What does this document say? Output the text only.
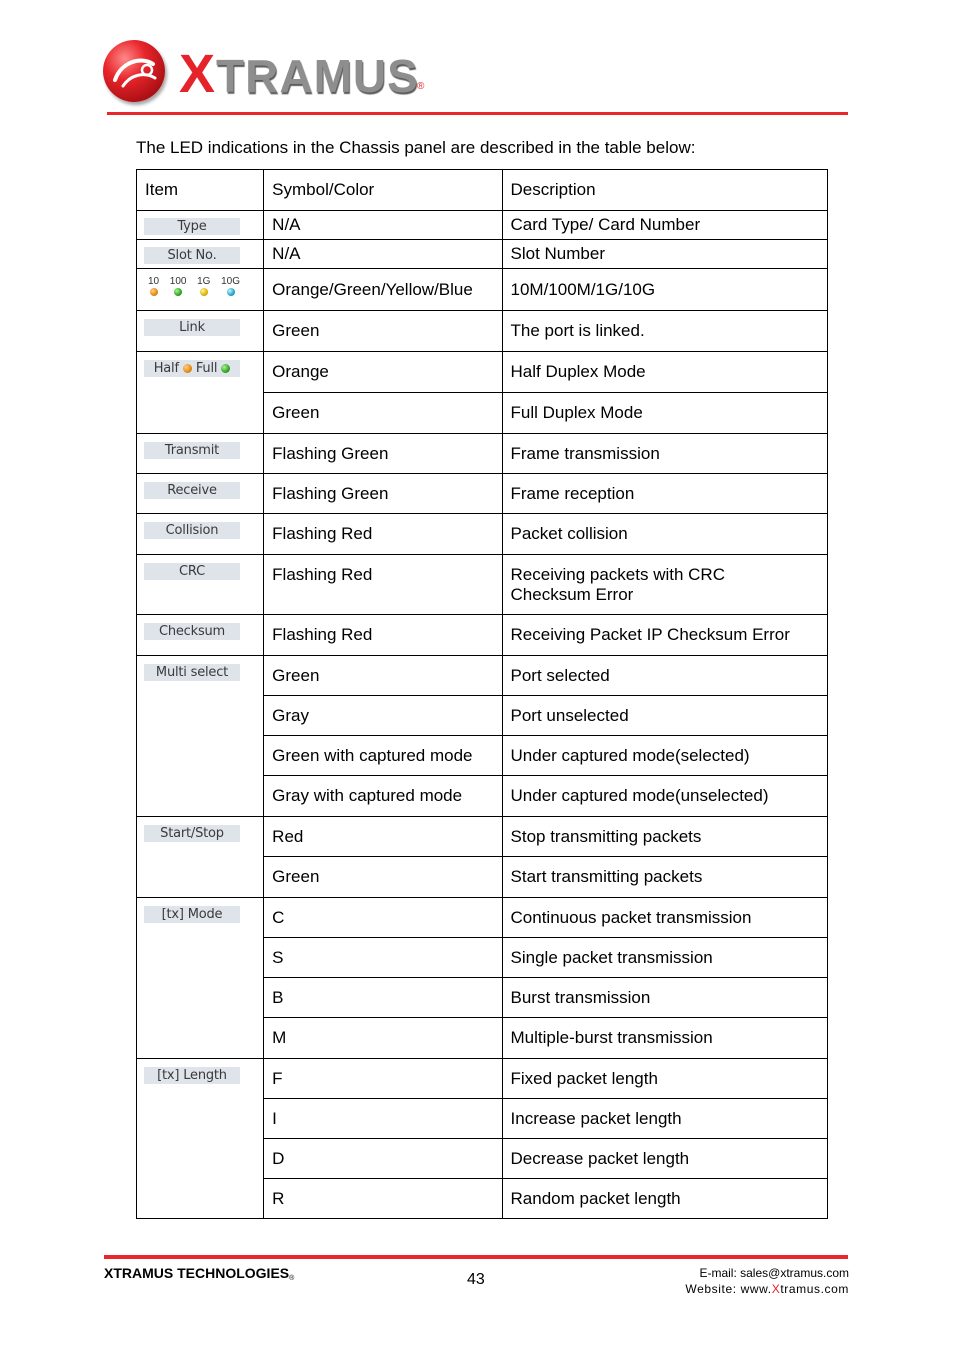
XTRAMUS
®
The LED indications in the Chassis panel are described in the table below:
Item	Symbol/Color	Description

Type	N/A	Card Type/ Card Number

Slot No.	N/A	Slot Number

10 100 1G 10G	Orange/Green/Yellow/Blue	10M/100M/1G/10G

Link	Green	The port is linked.

Half Full	Orange	Half Duplex Mode
	Green	Full Duplex Mode

Transmit	Flashing Green	Frame transmission

Receive	Flashing Green	Frame reception

Collision	Flashing Red	Packet collision

CRC	Flashing Red	Receiving packets with CRC
Checksum Error

Checksum	Flashing Red	Receiving Packet IP Checksum Error

Multi select	Green	Port selected
	Gray	Port unselected
	Green with captured mode	Under captured mode(selected)
	Gray with captured mode	Under captured mode(unselected)

Start/Stop	Red	Stop transmitting packets
	Green	Start transmitting packets

[tx] Mode	C	Continuous packet transmission
	S	Single packet transmission
	B	Burst transmission
	M	Multiple-burst transmission

[tx] Length	F	Fixed packet length
	I	Increase packet length
	D	Decrease packet length
	R	Random packet length
XTRAMUS TECHNOLOGIES®	43	E-mail: sales@xtramus.com
Website: www.Xtramus.com
